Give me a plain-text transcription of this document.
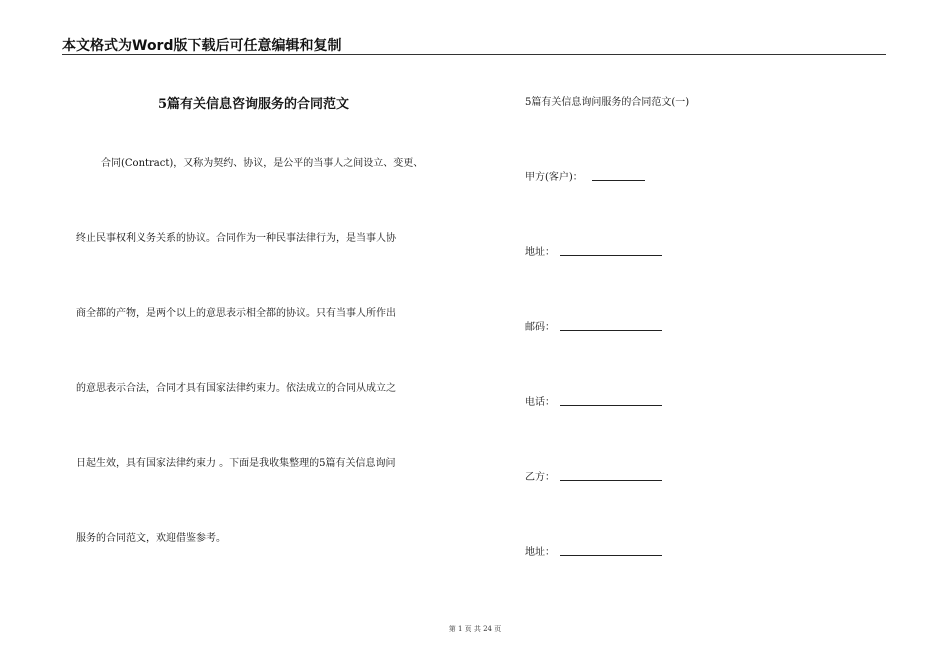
本文格式为Word版下载后可任意编辑和复制
5篇有关信息咨询服务的合同范文
合同(Contract)，又称为契约、协议，是公平的当事人之间设立、变更、
终止民事权利义务关系的协议。合同作为一种民事法律行为，是当事人协
商全都的产物，是两个以上的意思表示相全都的协议。只有当事人所作出
的意思表示合法，合同才具有国家法律约束力。依法成立的合同从成立之
日起生效，具有国家法律约束力 。下面是我收集整理的5篇有关信息询问
服务的合同范文，欢迎借鉴参考。
5篇有关信息询问服务的合同范文(一)
甲方(客户)：
地址：
邮码：
电话：
乙方：
地址：
第 1 页 共 24 页
